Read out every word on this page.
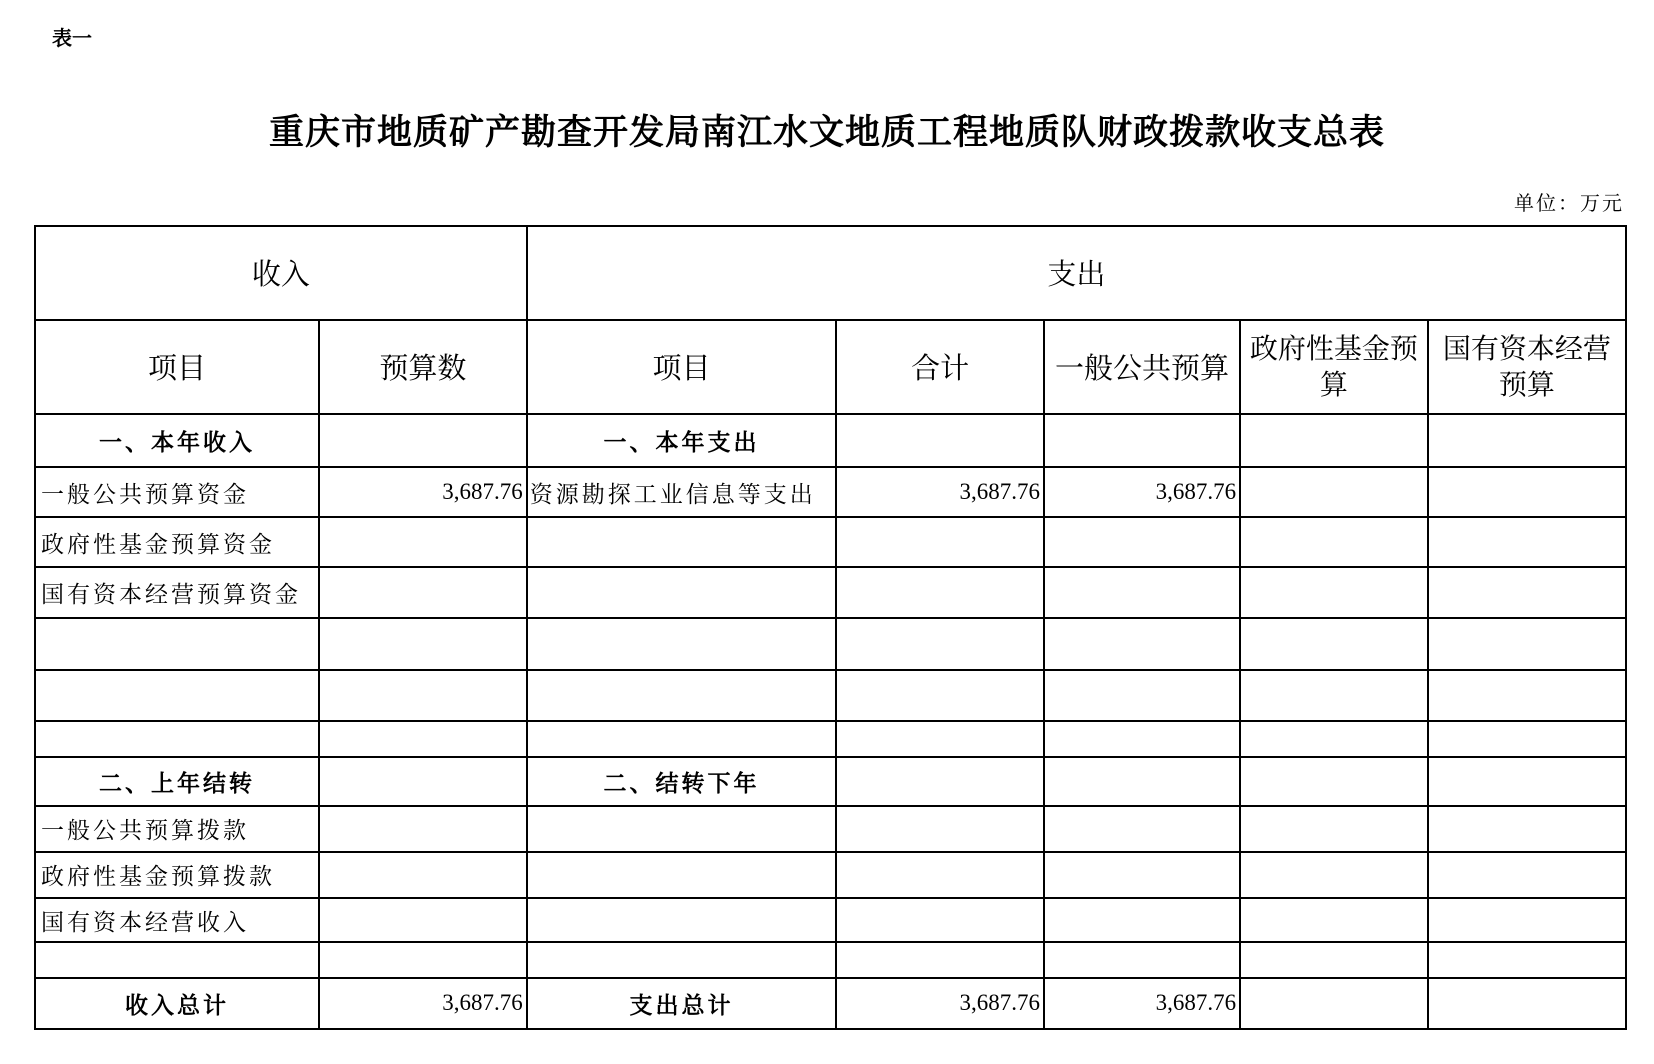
表一
重庆市地质矿产勘查开发局南江水文地质工程地质队财政拨款收支总表
单位：万元
收入		支出				
项目	预算数	项目	合计	一般公共预算	政府性基金预算	国有资本经营预算
一、本年收入		一、本年支出				
一般公共预算资金	3,687.76	资源勘探工业信息等支出	3,687.76	3,687.76		
政府性基金预算资金						
国有资本经营预算资金						

二、上年结转		二、结转下年				
一般公共预算拨款						
政府性基金预算拨款						
国有资本经营收入						

收入总计	3,687.76	支出总计	3,687.76	3,687.76		
